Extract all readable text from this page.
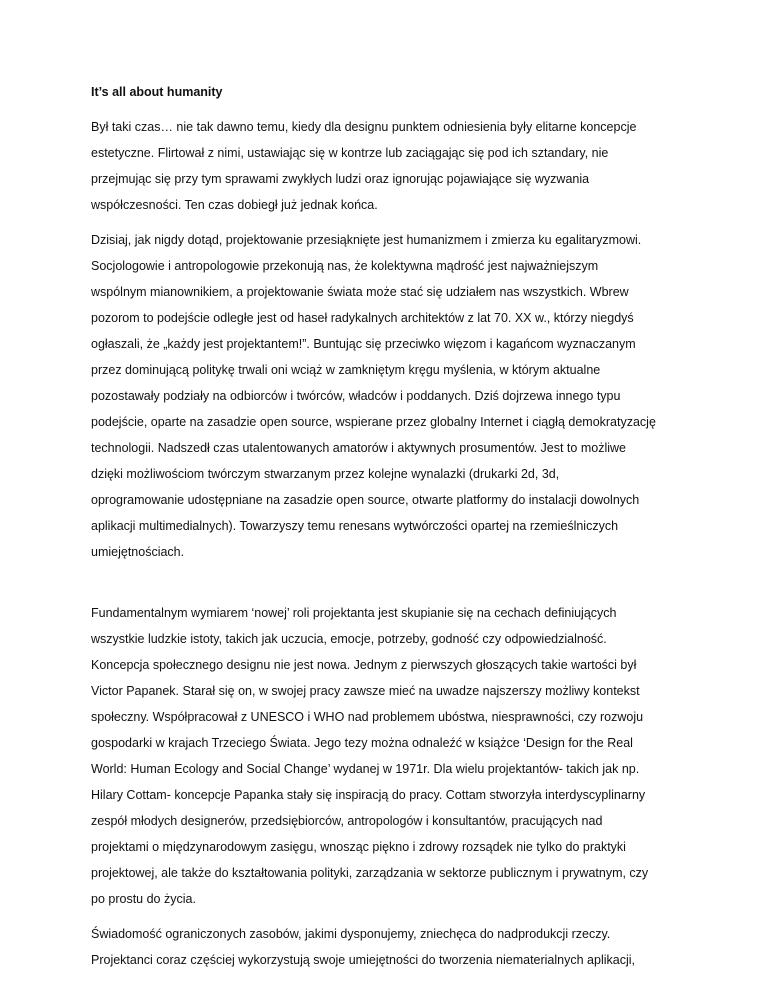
It’s all about humanity
Był taki czas… nie tak dawno temu, kiedy dla designu punktem odniesienia były elitarne koncepcje
estetyczne. Flirtował z nimi, ustawiając się w kontrze lub zaciągając się pod ich sztandary, nie
przejmując się przy tym sprawami zwykłych ludzi oraz ignorując pojawiające się wyzwania
współczesności. Ten czas dobiegł już jednak końca.
Dzisiaj, jak nigdy dotąd, projektowanie przesiąknięte jest humanizmem i zmierza ku egalitaryzmowi.
Socjologowie i antropologowie przekonują nas, że kolektywna mądrość jest najważniejszym
wspólnym mianownikiem, a projektowanie świata może stać się udziałem nas wszystkich. Wbrew
pozorom to podejście odległe jest od haseł radykalnych architektów z lat 70. XX w., którzy niegdyś
ogłaszali, że „każdy jest projektantem!”. Buntując się przeciwko więzom i kagańcom wyznaczanym
przez dominującą politykę trwali oni wciąż w zamkniętym kręgu myślenia, w którym aktualne
pozostawały podziały na odbiorców i twórców, władców i poddanych. Dziś dojrzewa innego typu
podejście, oparte na zasadzie open source, wspierane przez globalny Internet i ciągłą demokratyzację
technologii. Nadszedł czas utalentowanych amatorów i aktywnych prosumentów. Jest to możliwe
dzięki możliwościom twórczym stwarzanym przez kolejne wynalazki (drukarki 2d, 3d,
oprogramowanie udostępniane na zasadzie open source, otwarte platformy do instalacji dowolnych
aplikacji multimedialnych). Towarzyszy temu renesans wytwórczości opartej na rzemieślniczych
umiejętnościach.
Fundamentalnym wymiarem ‘nowej’ roli projektanta jest skupianie się na cechach definiujących
wszystkie ludzkie istoty, takich jak uczucia, emocje, potrzeby, godność czy odpowiedzialność.
Koncepcja społecznego designu nie jest nowa. Jednym z pierwszych głoszących takie wartości był
Victor Papanek. Starał się on, w swojej pracy zawsze mieć na uwadze najszerszy możliwy kontekst
społeczny. Współpracował z UNESCO i WHO nad problemem ubóstwa, niesprawności, czy rozwoju
gospodarki w krajach Trzeciego Świata. Jego tezy można odnaleźć w książce ‘Design for the Real
World: Human Ecology and Social Change’ wydanej w 1971r. Dla wielu projektantów- takich jak np.
Hilary Cottam- koncepcje Papanka stały się inspiracją do pracy. Cottam stworzyła interdyscyplinarny
zespół młodych designerów, przedsiębiorców, antropologów i konsultantów, pracujących nad
projektami o międzynarodowym zasięgu, wnosząc piękno i zdrowy rozsądek nie tylko do praktyki
projektowej, ale także do kształtowania polityki, zarządzania w sektorze publicznym i prywatnym, czy
po prostu do życia.
Świadomość ograniczonych zasobów, jakimi dysponujemy, zniechęca do nadprodukcji rzeczy.
Projektanci coraz częściej wykorzystują swoje umiejętności do tworzenia niematerialnych aplikacji,
